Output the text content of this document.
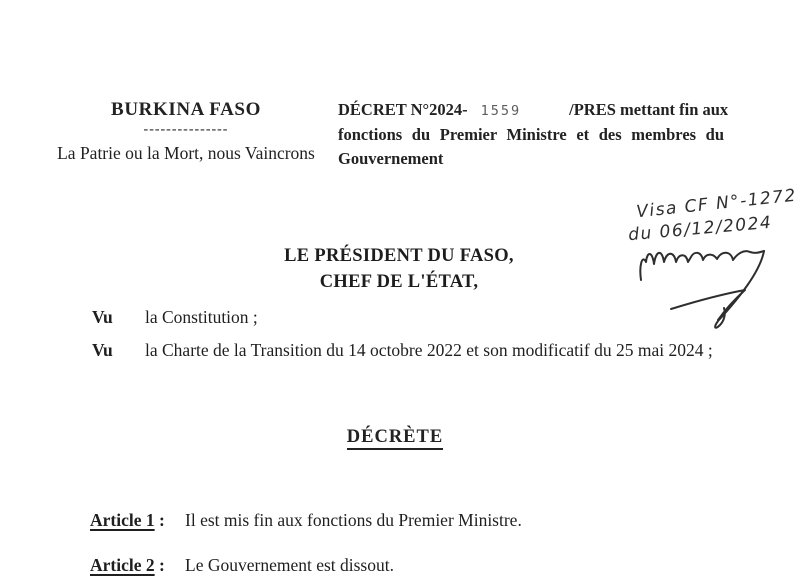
BURKINA FASO
---------------
La Patrie ou la Mort, nous Vaincrons
DÉCRET N°2024- 1559	/PRES mettant fin aux
fonctions du Premier Ministre et des membres du
Gouvernement
Visa CF N°-1272
du 06/12/2024
LE PRÉSIDENT DU FASO,
CHEF DE L'ÉTAT,
Vu	la Constitution ;
Vu	la Charte de la Transition du 14 octobre 2022 et son modificatif du 25 mai 2024 ;
DÉCRÈTE
Article 1 :	Il est mis fin aux fonctions du Premier Ministre.
Article 2 :	Le Gouvernement est dissout.
